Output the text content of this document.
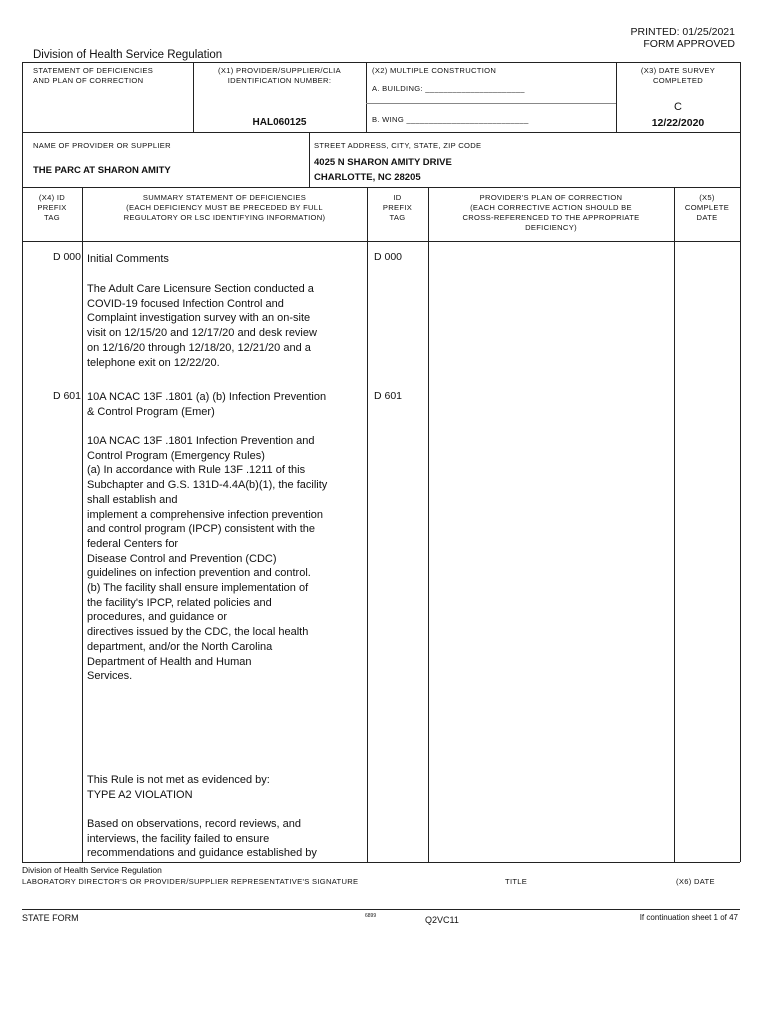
PRINTED: 01/25/2021
FORM APPROVED
Division of Health Service Regulation
STATEMENT OF DEFICIENCIES
AND PLAN OF CORRECTION
(X1) PROVIDER/SUPPLIER/CLIA
IDENTIFICATION NUMBER:
HAL060125
(X2) MULTIPLE CONSTRUCTION
A. BUILDING: ______________________
B. WING ___________________________
(X3) DATE SURVEY
COMPLETED
C
12/22/2020
NAME OF PROVIDER OR SUPPLIER
THE PARC AT SHARON AMITY
STREET ADDRESS, CITY, STATE, ZIP CODE
4025 N SHARON AMITY DRIVE
CHARLOTTE, NC 28205
(X4) ID
PREFIX
TAG
SUMMARY STATEMENT OF DEFICIENCIES
(EACH DEFICIENCY MUST BE PRECEDED BY FULL
REGULATORY OR LSC IDENTIFYING INFORMATION)
ID
PREFIX
TAG
PROVIDER'S PLAN OF CORRECTION
(EACH CORRECTIVE ACTION SHOULD BE
CROSS-REFERENCED TO THE APPROPRIATE
DEFICIENCY)
(X5)
COMPLETE
DATE
D 000	D 000
Initial Comments
The Adult Care Licensure Section conducted a
COVID-19 focused Infection Control and
Complaint investigation survey with an on-site
visit on 12/15/20 and 12/17/20 and desk review
on 12/16/20 through 12/18/20, 12/21/20 and a
telephone exit on 12/22/20.
D 601	D 601
10A NCAC 13F .1801 (a) (b) Infection Prevention
& Control Program (Emer)
10A NCAC 13F .1801 Infection Prevention and
Control Program (Emergency Rules)
(a) In accordance with Rule 13F .1211 of this
Subchapter and G.S. 131D-4.4A(b)(1), the facility
shall establish and
implement a comprehensive infection prevention
and control program (IPCP) consistent with the
federal Centers for
Disease Control and Prevention (CDC)
guidelines on infection prevention and control.
(b) The facility shall ensure implementation of
the facility's IPCP, related policies and
procedures, and guidance or
directives issued by the CDC, the local health
department, and/or the North Carolina
Department of Health and Human
Services.
This Rule is not met as evidenced by:
TYPE A2 VIOLATION
Based on observations, record reviews, and
interviews, the facility failed to ensure
recommendations and guidance established by
Division of Health Service Regulation
LABORATORY DIRECTOR'S OR PROVIDER/SUPPLIER REPRESENTATIVE'S SIGNATURE	TITLE	(X6) DATE
STATE FORM	6899	Q2VC11	If continuation sheet 1 of 47
